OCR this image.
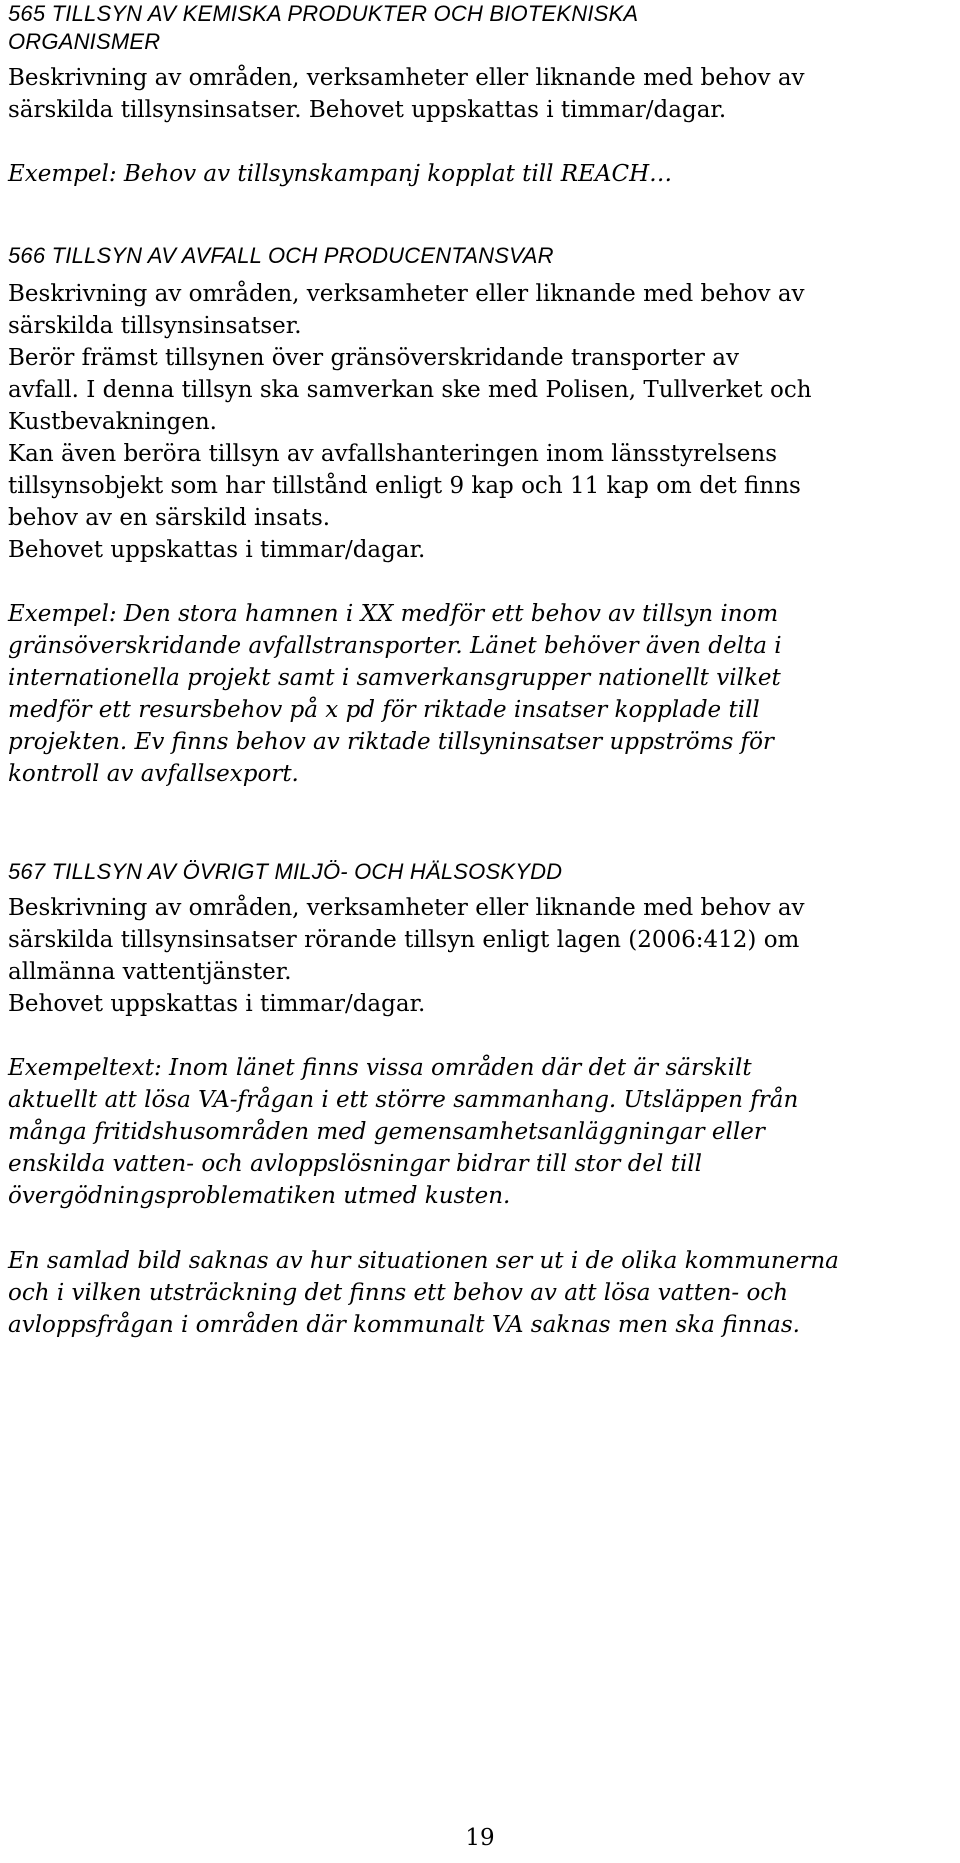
565 TILLSYN AV KEMISKA PRODUKTER OCH BIOTEKNISKA
ORGANISMER

Beskrivning av områden, verksamheter eller liknande med behov av
särskilda tillsynsinsatser. Behovet uppskattas i timmar/dagar.

Exempel: Behov av tillsynskampanj kopplat till REACH…

566 TILLSYN AV AVFALL OCH PRODUCENTANSVAR

Beskrivning av områden, verksamheter eller liknande med behov av
särskilda tillsynsinsatser.
Berör främst tillsynen över gränsöverskridande transporter av
avfall. I denna tillsyn ska samverkan ske med Polisen, Tullverket och
Kustbevakningen.
Kan även beröra tillsyn av avfallshanteringen inom länsstyrelsens
tillsynsobjekt som har tillstånd enligt 9 kap och 11 kap om det finns
behov av en särskild insats.
Behovet uppskattas i timmar/dagar.

Exempel: Den stora hamnen i XX medför ett behov av tillsyn inom
gränsöverskridande avfallstransporter. Länet behöver även delta i
internationella projekt samt i samverkansgrupper nationellt vilket
medför ett resursbehov på x pd för riktade insatser kopplade till
projekten. Ev finns behov av riktade tillsyninsatser uppströms för
kontroll av avfallsexport.

567 TILLSYN AV ÖVRIGT MILJÖ- OCH HÄLSOSKYDD

Beskrivning av områden, verksamheter eller liknande med behov av
särskilda tillsynsinsatser rörande tillsyn enligt lagen (2006:412) om
allmänna vattentjänster.
Behovet uppskattas i timmar/dagar.

Exempeltext: Inom länet finns vissa områden där det är särskilt
aktuellt att lösa VA-frågan i ett större sammanhang. Utsläppen från
många fritidshusområden med gemensamhetsanläggningar eller
enskilda vatten- och avloppslösningar bidrar till stor del till
övergödningsproblematiken utmed kusten.

En samlad bild saknas av hur situationen ser ut i de olika kommunerna
och i vilken utsträckning det finns ett behov av att lösa vatten- och
avloppsfrågan i områden där kommunalt VA saknas men ska finnas.

19
